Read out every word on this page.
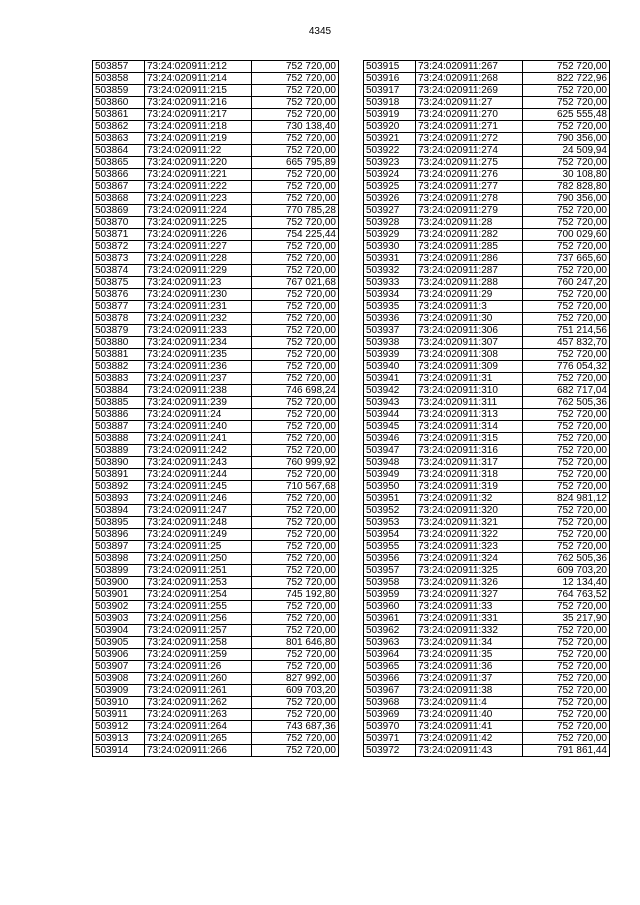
4345
503857	73:24:020911:212	752 720,00
503858	73:24:020911:214	752 720,00
503859	73:24:020911:215	752 720,00
503860	73:24:020911:216	752 720,00
503861	73:24:020911:217	752 720,00
503862	73:24:020911:218	730 138,40
503863	73:24:020911:219	752 720,00
503864	73:24:020911:22	752 720,00
503865	73:24:020911:220	665 795,89
503866	73:24:020911:221	752 720,00
503867	73:24:020911:222	752 720,00
503868	73:24:020911:223	752 720,00
503869	73:24:020911:224	770 785,28
503870	73:24:020911:225	752 720,00
503871	73:24:020911:226	754 225,44
503872	73:24:020911:227	752 720,00
503873	73:24:020911:228	752 720,00
503874	73:24:020911:229	752 720,00
503875	73:24:020911:23	767 021,68
503876	73:24:020911:230	752 720,00
503877	73:24:020911:231	752 720,00
503878	73:24:020911:232	752 720,00
503879	73:24:020911:233	752 720,00
503880	73:24:020911:234	752 720,00
503881	73:24:020911:235	752 720,00
503882	73:24:020911:236	752 720,00
503883	73:24:020911:237	752 720,00
503884	73:24:020911:238	746 698,24
503885	73:24:020911:239	752 720,00
503886	73:24:020911:24	752 720,00
503887	73:24:020911:240	752 720,00
503888	73:24:020911:241	752 720,00
503889	73:24:020911:242	752 720,00
503890	73:24:020911:243	760 999,92
503891	73:24:020911:244	752 720,00
503892	73:24:020911:245	710 567,68
503893	73:24:020911:246	752 720,00
503894	73:24:020911:247	752 720,00
503895	73:24:020911:248	752 720,00
503896	73:24:020911:249	752 720,00
503897	73:24:020911:25	752 720,00
503898	73:24:020911:250	752 720,00
503899	73:24:020911:251	752 720,00
503900	73:24:020911:253	752 720,00
503901	73:24:020911:254	745 192,80
503902	73:24:020911:255	752 720,00
503903	73:24:020911:256	752 720,00
503904	73:24:020911:257	752 720,00
503905	73:24:020911:258	801 646,80
503906	73:24:020911:259	752 720,00
503907	73:24:020911:26	752 720,00
503908	73:24:020911:260	827 992,00
503909	73:24:020911:261	609 703,20
503910	73:24:020911:262	752 720,00
503911	73:24:020911:263	752 720,00
503912	73:24:020911:264	743 687,36
503913	73:24:020911:265	752 720,00
503914	73:24:020911:266	752 720,00
503915	73:24:020911:267	752 720,00
503916	73:24:020911:268	822 722,96
503917	73:24:020911:269	752 720,00
503918	73:24:020911:27	752 720,00
503919	73:24:020911:270	625 555,48
503920	73:24:020911:271	752 720,00
503921	73:24:020911:272	790 356,00
503922	73:24:020911:274	24 509,94
503923	73:24:020911:275	752 720,00
503924	73:24:020911:276	30 108,80
503925	73:24:020911:277	782 828,80
503926	73:24:020911:278	790 356,00
503927	73:24:020911:279	752 720,00
503928	73:24:020911:28	752 720,00
503929	73:24:020911:282	700 029,60
503930	73:24:020911:285	752 720,00
503931	73:24:020911:286	737 665,60
503932	73:24:020911:287	752 720,00
503933	73:24:020911:288	760 247,20
503934	73:24:020911:29	752 720,00
503935	73:24:020911:3	752 720,00
503936	73:24:020911:30	752 720,00
503937	73:24:020911:306	751 214,56
503938	73:24:020911:307	457 832,70
503939	73:24:020911:308	752 720,00
503940	73:24:020911:309	776 054,32
503941	73:24:020911:31	752 720,00
503942	73:24:020911:310	682 717,04
503943	73:24:020911:311	762 505,36
503944	73:24:020911:313	752 720,00
503945	73:24:020911:314	752 720,00
503946	73:24:020911:315	752 720,00
503947	73:24:020911:316	752 720,00
503948	73:24:020911:317	752 720,00
503949	73:24:020911:318	752 720,00
503950	73:24:020911:319	752 720,00
503951	73:24:020911:32	824 981,12
503952	73:24:020911:320	752 720,00
503953	73:24:020911:321	752 720,00
503954	73:24:020911:322	752 720,00
503955	73:24:020911:323	752 720,00
503956	73:24:020911:324	762 505,36
503957	73:24:020911:325	609 703,20
503958	73:24:020911:326	12 134,40
503959	73:24:020911:327	764 763,52
503960	73:24:020911:33	752 720,00
503961	73:24:020911:331	35 217,90
503962	73:24:020911:332	752 720,00
503963	73:24:020911:34	752 720,00
503964	73:24:020911:35	752 720,00
503965	73:24:020911:36	752 720,00
503966	73:24:020911:37	752 720,00
503967	73:24:020911:38	752 720,00
503968	73:24:020911:4	752 720,00
503969	73:24:020911:40	752 720,00
503970	73:24:020911:41	752 720,00
503971	73:24:020911:42	752 720,00
503972	73:24:020911:43	791 861,44
